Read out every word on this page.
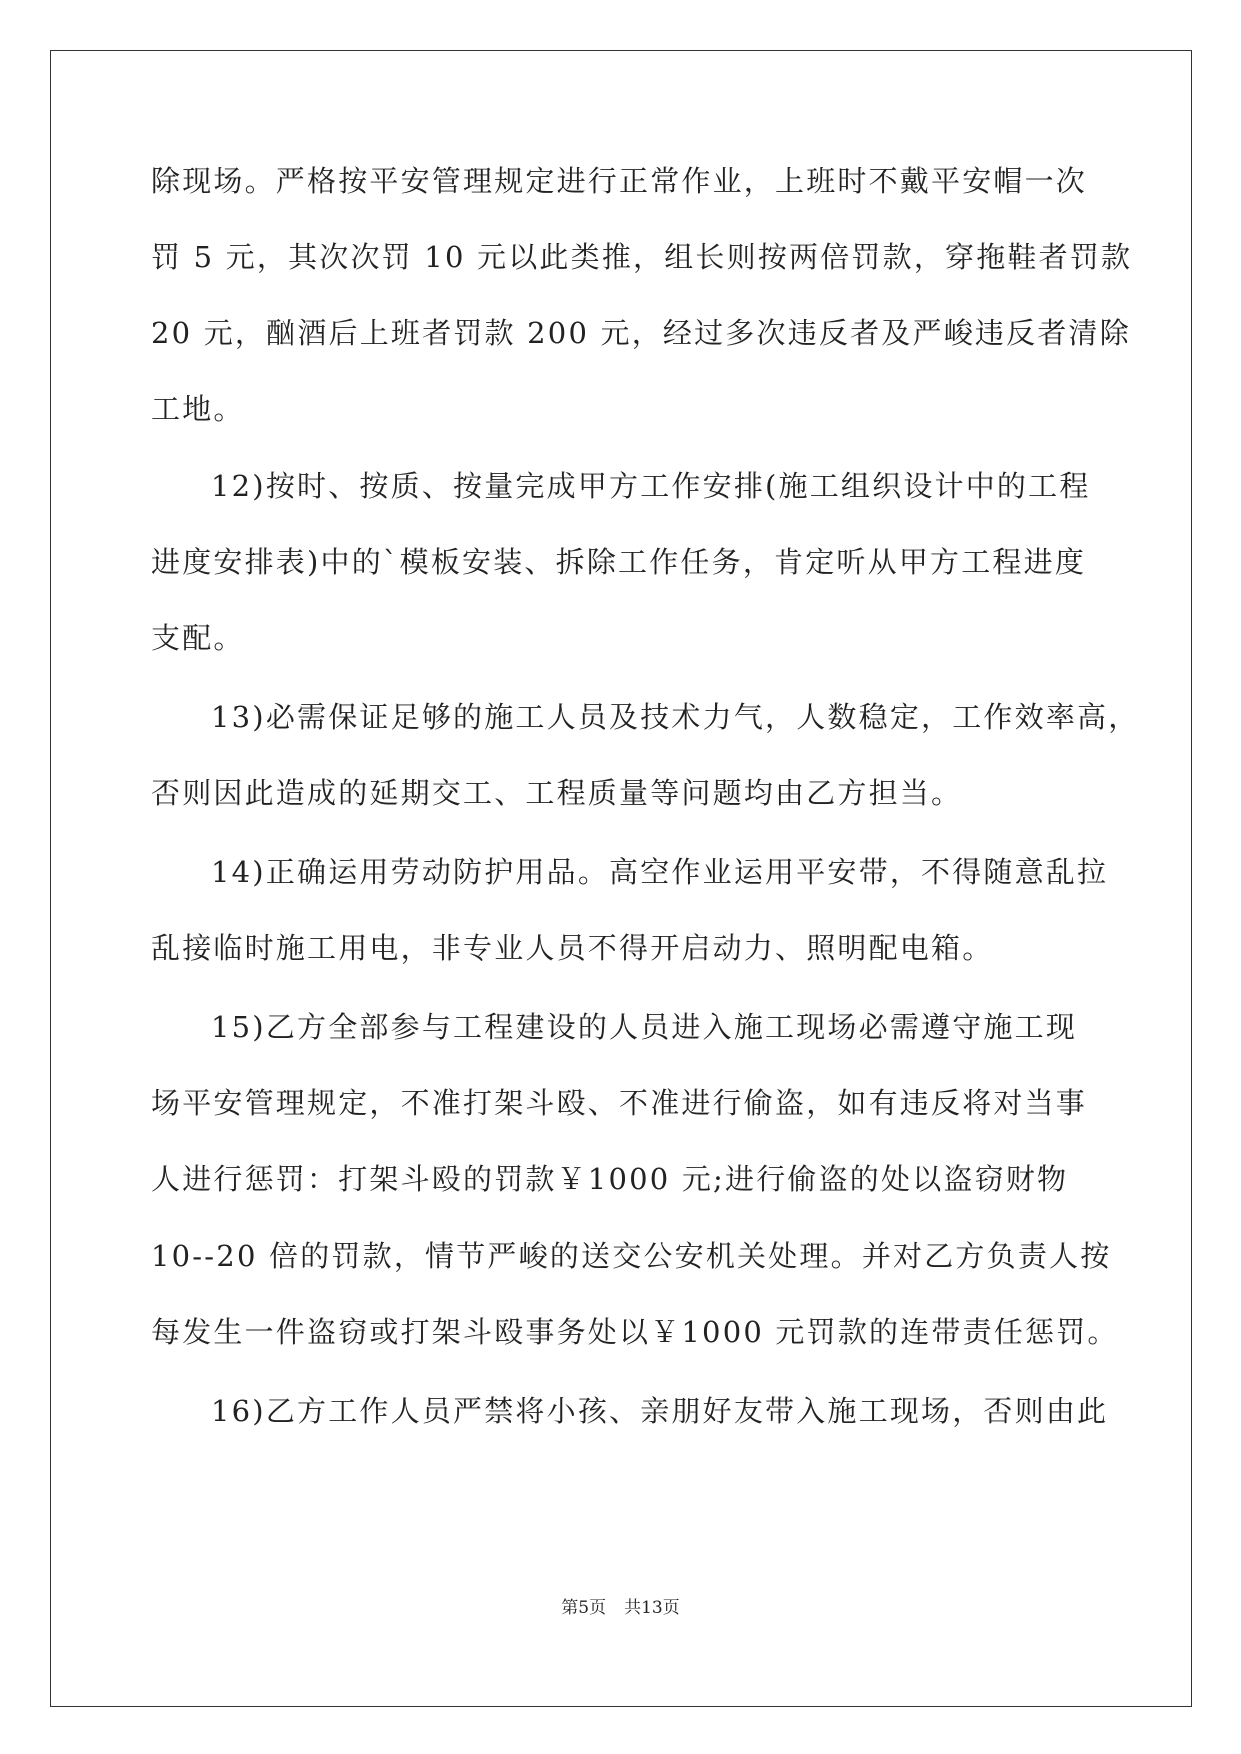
除现场。严格按平安管理规定进行正常作业，上班时不戴平安帽一次
罚 5 元，其次次罚 10 元以此类推，组长则按两倍罚款，穿拖鞋者罚款
20 元，酗酒后上班者罚款 200 元，经过多次违反者及严峻违反者清除
工地。
12)按时、按质、按量完成甲方工作安排(施工组织设计中的工程
进度安排表)中的`模板安装、拆除工作任务，肯定听从甲方工程进度
支配。
13)必需保证足够的施工人员及技术力气，人数稳定，工作效率高，
否则因此造成的延期交工、工程质量等问题均由乙方担当。
14)正确运用劳动防护用品。高空作业运用平安带，不得随意乱拉
乱接临时施工用电，非专业人员不得开启动力、照明配电箱。
15)乙方全部参与工程建设的人员进入施工现场必需遵守施工现
场平安管理规定，不准打架斗殴、不准进行偷盗，如有违反将对当事
人进行惩罚：打架斗殴的罚款￥1000 元;进行偷盗的处以盗窃财物
10--20 倍的罚款，情节严峻的送交公安机关处理。并对乙方负责人按
每发生一件盗窃或打架斗殴事务处以￥1000 元罚款的连带责任惩罚。
16)乙方工作人员严禁将小孩、亲朋好友带入施工现场，否则由此
第5页 共13页
